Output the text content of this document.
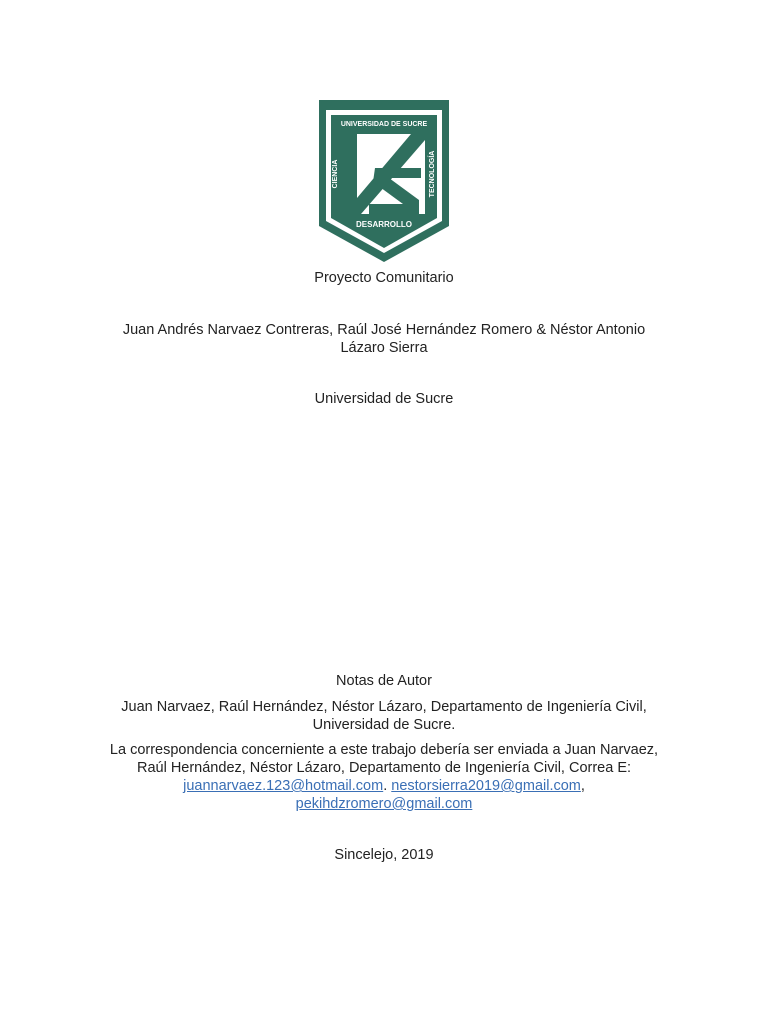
UNIVERSIDAD DE SUCRE
CIENCIA	TECNOLOGÍA
DESARROLLO
Proyecto Comunitario
Juan Andrés Narvaez Contreras, Raúl José Hernández Romero & Néstor Antonio
Lázaro Sierra
Universidad de Sucre
Notas de Autor
Juan Narvaez, Raúl Hernández, Néstor Lázaro, Departamento de Ingeniería Civil,
Universidad de Sucre.
La correspondencia concerniente a este trabajo debería ser enviada a Juan Narvaez,
Raúl Hernández, Néstor Lázaro, Departamento de Ingeniería Civil, Correa E:
juannarvaez.123@hotmail.com. nestorsierra2019@gmail.com,
pekihdzromero@gmail.com
Sincelejo, 2019
